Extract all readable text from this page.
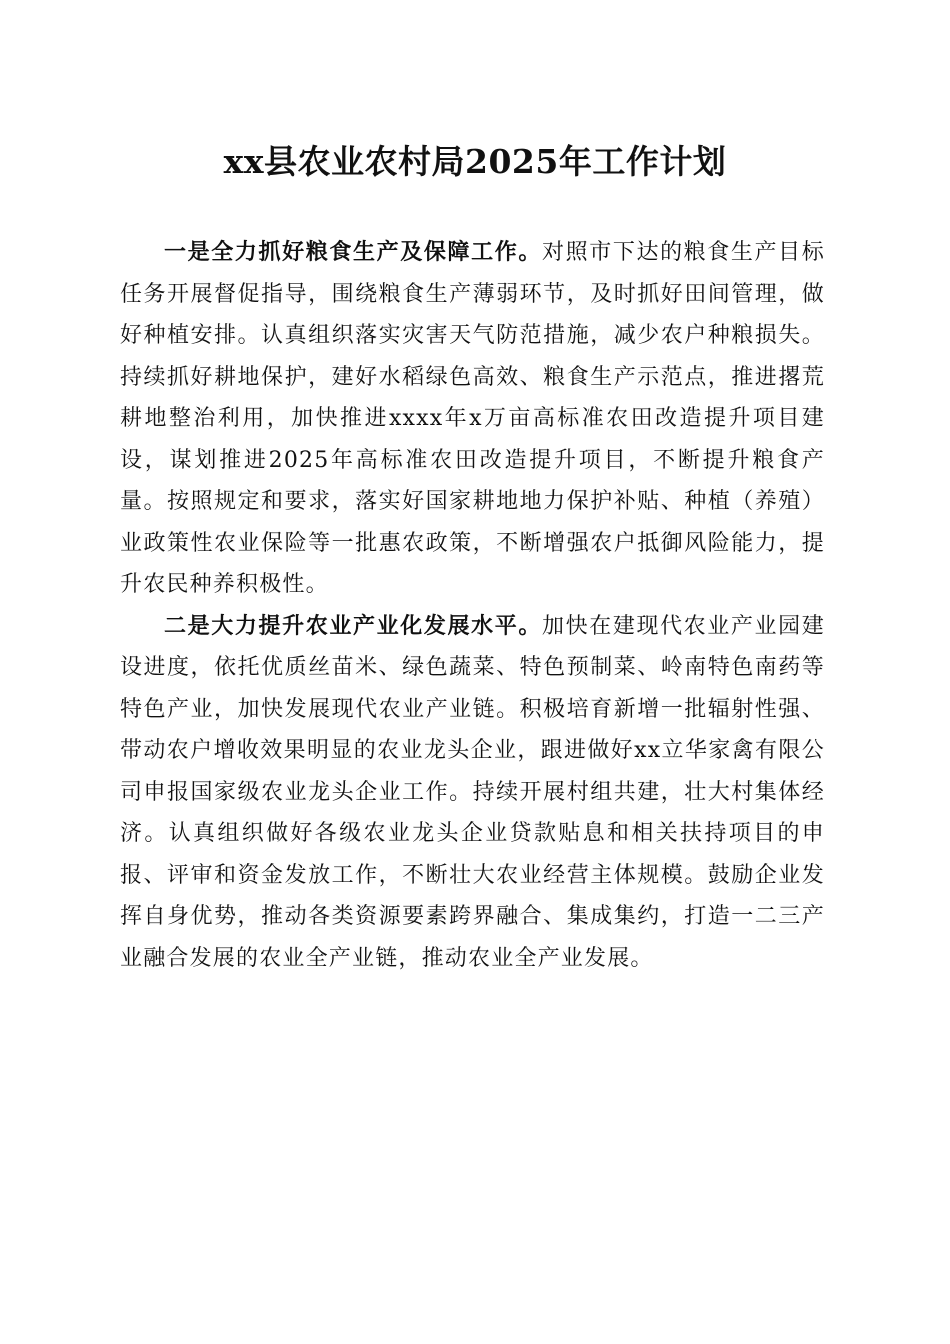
xx县农业农村局2025年工作计划

一是全力抓好粮食生产及保障工作。对照市下达的粮食生产目标任务开展督促指导，围绕粮食生产薄弱环节，及时抓好田间管理，做好种植安排。认真组织落实灾害天气防范措施，减少农户种粮损失。持续抓好耕地保护，建好水稻绿色高效、粮食生产示范点，推进撂荒耕地整治利用，加快推进xxxx年x万亩高标准农田改造提升项目建设，谋划推进2025年高标准农田改造提升项目，不断提升粮食产量。按照规定和要求，落实好国家耕地地力保护补贴、种植（养殖）业政策性农业保险等一批惠农政策，不断增强农户抵御风险能力，提升农民种养积极性。

二是大力提升农业产业化发展水平。加快在建现代农业产业园建设进度，依托优质丝苗米、绿色蔬菜、特色预制菜、岭南特色南药等特色产业，加快发展现代农业产业链。积极培育新增一批辐射性强、带动农户增收效果明显的农业龙头企业，跟进做好xx立华家禽有限公司申报国家级农业龙头企业工作。持续开展村组共建，壮大村集体经济。认真组织做好各级农业龙头企业贷款贴息和相关扶持项目的申报、评审和资金发放工作，不断壮大农业经营主体规模。鼓励企业发挥自身优势，推动各类资源要素跨界融合、集成集约，打造一二三产业融合发展的农业全产业链，推动农业全产业发展。
